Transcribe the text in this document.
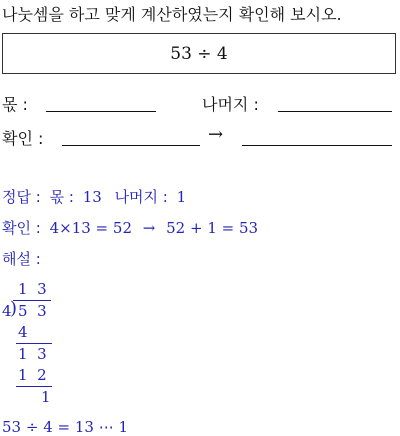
나눗셈을 하고 맞게 계산하였는지 확인해 보시오.
53 ÷ 4
몫 :	나머지 :
확인 :	→
정답 : 몫 : 13 나머지 : 1
확인 : 4×13 = 52 → 52 + 1 = 53
해설 :
1  3
4
) 5  3
4
1  3
1  2
1
53 ÷ 4 = 13 ⋯ 1
